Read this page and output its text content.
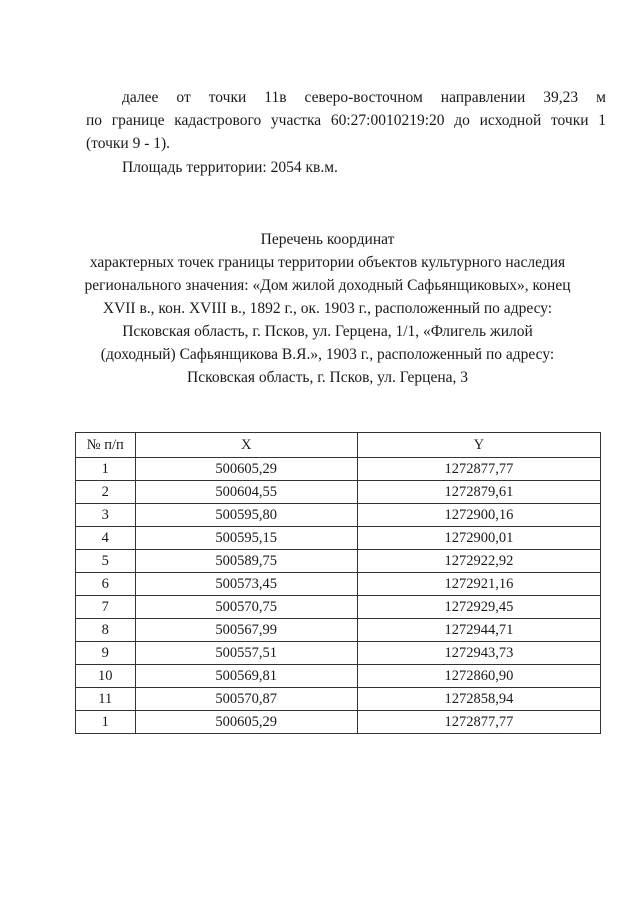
далее от точки 11в северо-восточном направлении 39,23 м
по границе кадастрового участка 60:27:0010219:20 до исходной точки 1
(точки 9 - 1).
Площадь территории: 2054 кв.м.
Перечень координат
характерных точек границы территории объектов культурного наследия
регионального значения: «Дом жилой доходный Сафьянщиковых», конец
XVII в., кон. XVIII в., 1892 г., ок. 1903 г., расположенный по адресу:
Псковская область, г. Псков, ул. Герцена, 1/1, «Флигель жилой
(доходный) Сафьянщикова В.Я.», 1903 г., расположенный по адресу:
Псковская область, г. Псков, ул. Герцена, 3
№ п/п	X	Y
1	500605,29	1272877,77
2	500604,55	1272879,61
3	500595,80	1272900,16
4	500595,15	1272900,01
5	500589,75	1272922,92
6	500573,45	1272921,16
7	500570,75	1272929,45
8	500567,99	1272944,71
9	500557,51	1272943,73
10	500569,81	1272860,90
11	500570,87	1272858,94
1	500605,29	1272877,77
